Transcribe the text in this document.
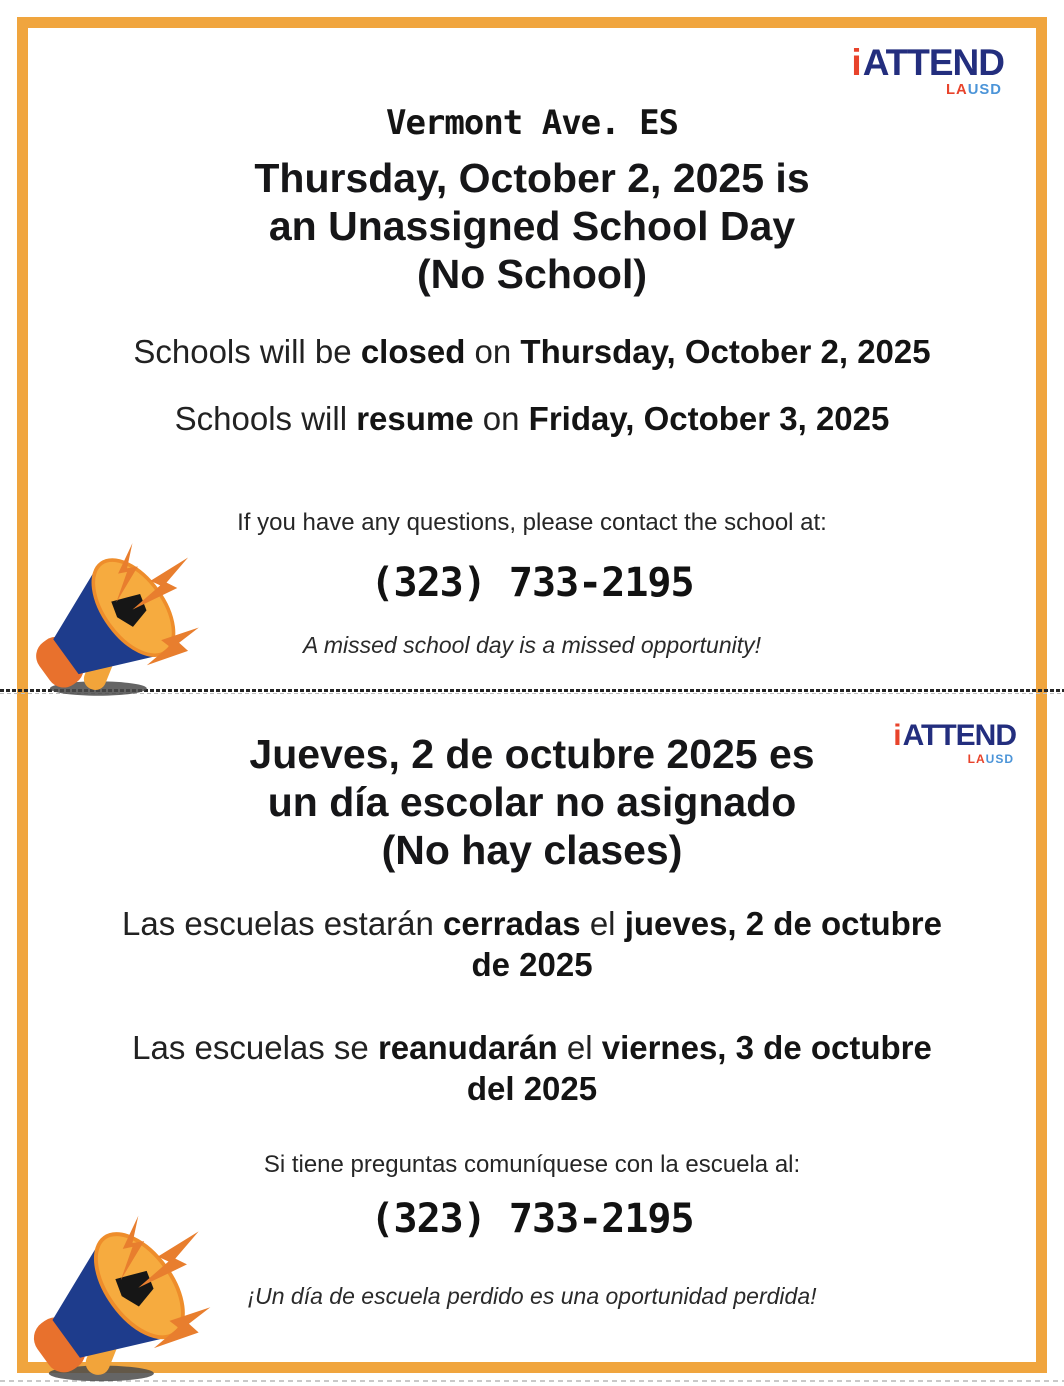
i ATTEND
LAUSD
Vermont Ave. ES
Thursday, October 2, 2025 is
an Unassigned School Day
(No School)

Schools will be closed on Thursday, October 2, 2025

Schools will resume on Friday, October 3, 2025

If you have any questions, please contact the school at:

(323) 733-2195

A missed school day is a missed opportunity!

i ATTEND
LAUSD
Jueves, 2 de octubre 2025 es
un día escolar no asignado
(No hay clases)

Las escuelas estarán cerradas el jueves, 2 de octubre de 2025

Las escuelas se reanudarán el viernes, 3 de octubre del 2025

Si tiene preguntas comuníquese con la escuela al:

(323) 733-2195

¡Un día de escuela perdido es una oportunidad perdida!
